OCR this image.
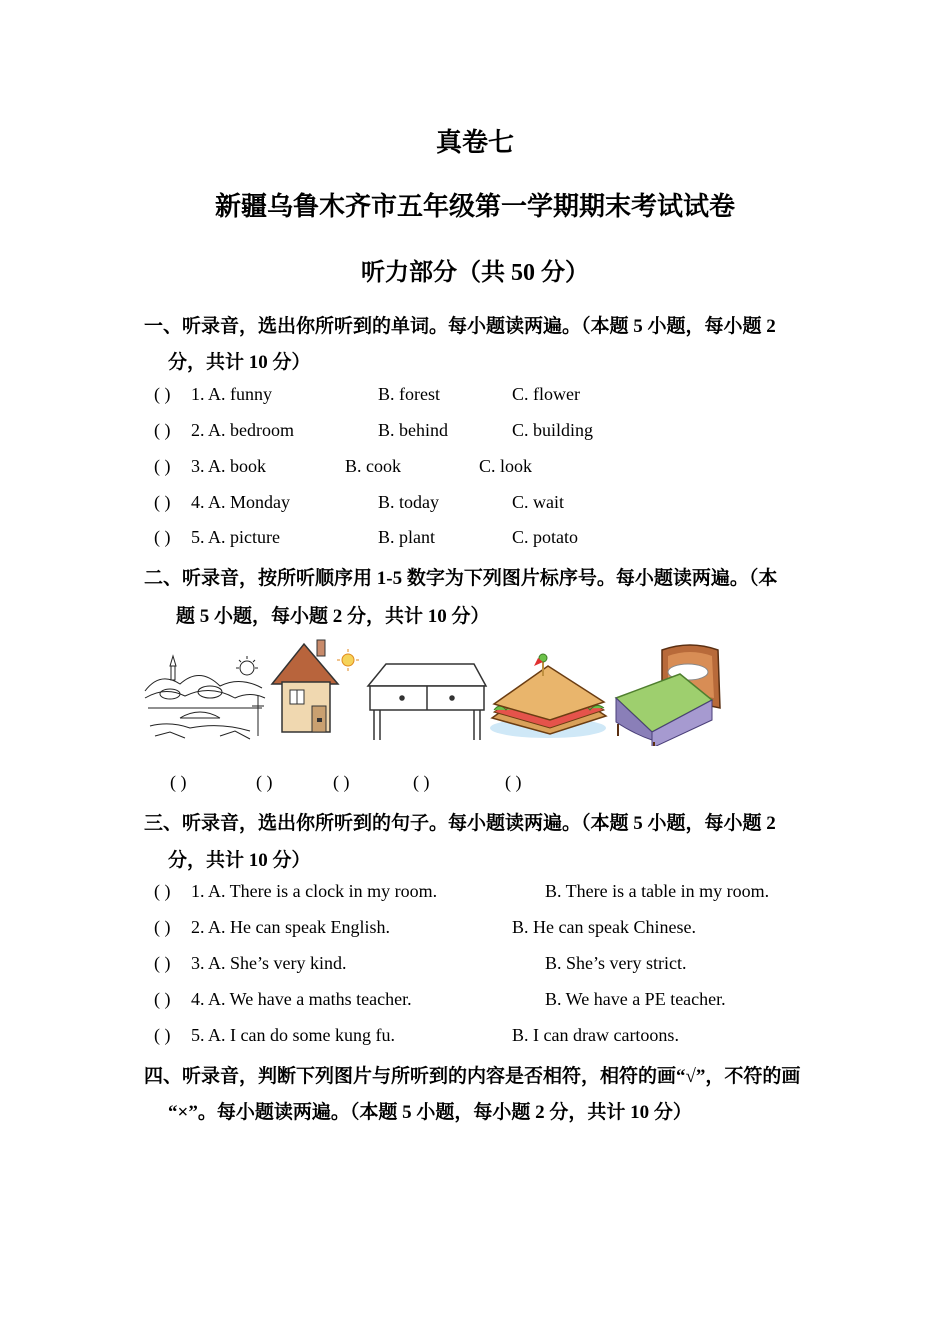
真卷七
新疆乌鲁木齐市五年级第一学期期末考试试卷
听力部分（共 50 分）
一、听录音，选出你所听到的单词。每小题读两遍。（本题 5 小题，每小题 2
分，共计 10 分）
( ) 1. A. funny	B. forest	C. flower
( ) 2. A. bedroom	B. behind	C. building
( ) 3. A. book	B. cook	C. look
( ) 4. A. Monday	B. today	C. wait
( ) 5. A. picture	B. plant	C. potato
二、听录音，按所听顺序用 1-5 数字为下列图片标序号。每小题读两遍。（本
题 5 小题，每小题 2 分，共计 10 分）
( )	( )	( )	( )	( )
三、听录音，选出你所听到的句子。每小题读两遍。（本题 5 小题，每小题 2
分，共计 10 分）
( ) 1. A. There is a clock in my room.	B. There is a table in my room.
( ) 2. A. He can speak English.	B. He can speak Chinese.
( ) 3. A. She’s very kind.	B. She’s very strict.
( ) 4. A. We have a maths teacher.	B. We have a PE teacher.
( ) 5. A. I can do some kung fu.	B. I can draw cartoons.
四、听录音，判断下列图片与所听到的内容是否相符，相符的画“√”，不符的画
“×”。每小题读两遍。（本题 5 小题，每小题 2 分，共计 10 分）
